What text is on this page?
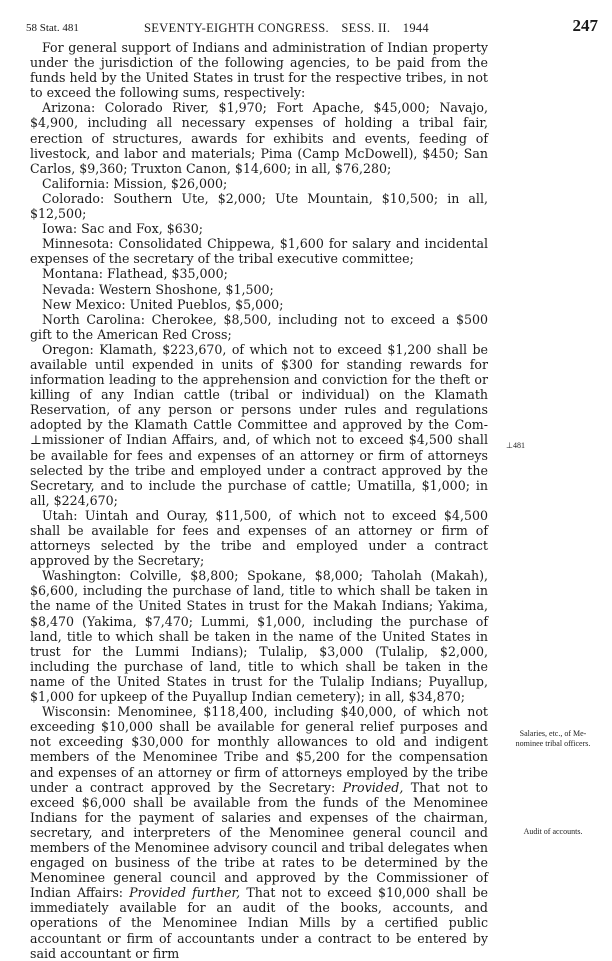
58 Stat. 481	SEVENTY-EIGHTH CONGRESS. SESS. II. 1944	247

For general support of Indians and administration of Indian property under the jurisdiction of the following agencies, to be paid from the funds held by the United States in trust for the respective tribes, in not to exceed the following sums, respectively:

Arizona: Colorado River, $1,970; Fort Apache, $45,000; Navajo, $4,900, including all necessary expenses of holding a tribal fair, erection of structures, awards for exhibits and events, feeding of livestock, and labor and materials; Pima (Camp McDowell), $450; San Carlos, $9,360; Truxton Canon, $14,600; in all, $76,280;

California: Mission, $26,000;

Colorado: Southern Ute, $2,000; Ute Mountain, $10,500; in all, $12,500;

Iowa: Sac and Fox, $630;

Minnesota: Consolidated Chippewa, $1,600 for salary and incidental expenses of the secretary of the tribal executive committee;

Montana: Flathead, $35,000;

Nevada: Western Shoshone, $1,500;

New Mexico: United Pueblos, $5,000;

North Carolina: Cherokee, $8,500, including not to exceed a $500 gift to the American Red Cross;

Oregon: Klamath, $223,670, of which not to exceed $1,200 shall be available until expended in units of $300 for standing rewards for information leading to the apprehension and conviction for the theft or killing of any Indian cattle (tribal or individual) on the Klamath Reservation, of any person or persons under rules and regulations adopted by the Klamath Cattle Committee and approved by the Com-⊥missioner of Indian Affairs, and, of which not to exceed $4,500 shall be available for fees and expenses of an attorney or firm of attorneys selected by the tribe and employed under a contract approved by the Secretary, and to include the purchase of cattle; Umatilla, $1,000; in all, $224,670;

Utah: Uintah and Ouray, $11,500, of which not to exceed $4,500 shall be available for fees and expenses of an attorney or firm of attorneys selected by the tribe and employed under a contract approved by the Secretary;

Washington: Colville, $8,800; Spokane, $8,000; Taholah (Makah), $6,600, including the purchase of land, title to which shall be taken in the name of the United States in trust for the Makah Indians; Yakima, $8,470 (Yakima, $7,470; Lummi, $1,000, including the purchase of land, title to which shall be taken in the name of the United States in trust for the Lummi Indians); Tulalip, $3,000 (Tulalip, $2,000, including the purchase of land, title to which shall be taken in the name of the United States in trust for the Tulalip Indians; Puyallup, $1,000 for upkeep of the Puyallup Indian cemetery); in all, $34,870;

Wisconsin: Menominee, $118,400, including $40,000, of which not exceeding $10,000 shall be available for general relief purposes and not exceeding $30,000 for monthly allowances to old and indigent members of the Menominee Tribe and $5,200 for the compensation and expenses of an attorney or firm of attorneys employed by the tribe under a contract approved by the Secretary: Provided, That not to exceed $6,000 shall be available from the funds of the Menominee Indians for the payment of salaries and expenses of the chairman, secretary, and interpreters of the Menominee general council and members of the Menominee advisory council and tribal delegates when engaged on business of the tribe at rates to be determined by the Menominee general council and approved by the Commissioner of Indian Affairs: Provided further, That not to exceed $10,000 shall be immediately available for an audit of the books, accounts, and operations of the Menominee Indian Mills by a certified public accountant or firm of accountants under a contract to be entered by said accountant or firm

⊥481
Salaries, etc., of Me-
nominee tribal officers.
Audit of accounts.
